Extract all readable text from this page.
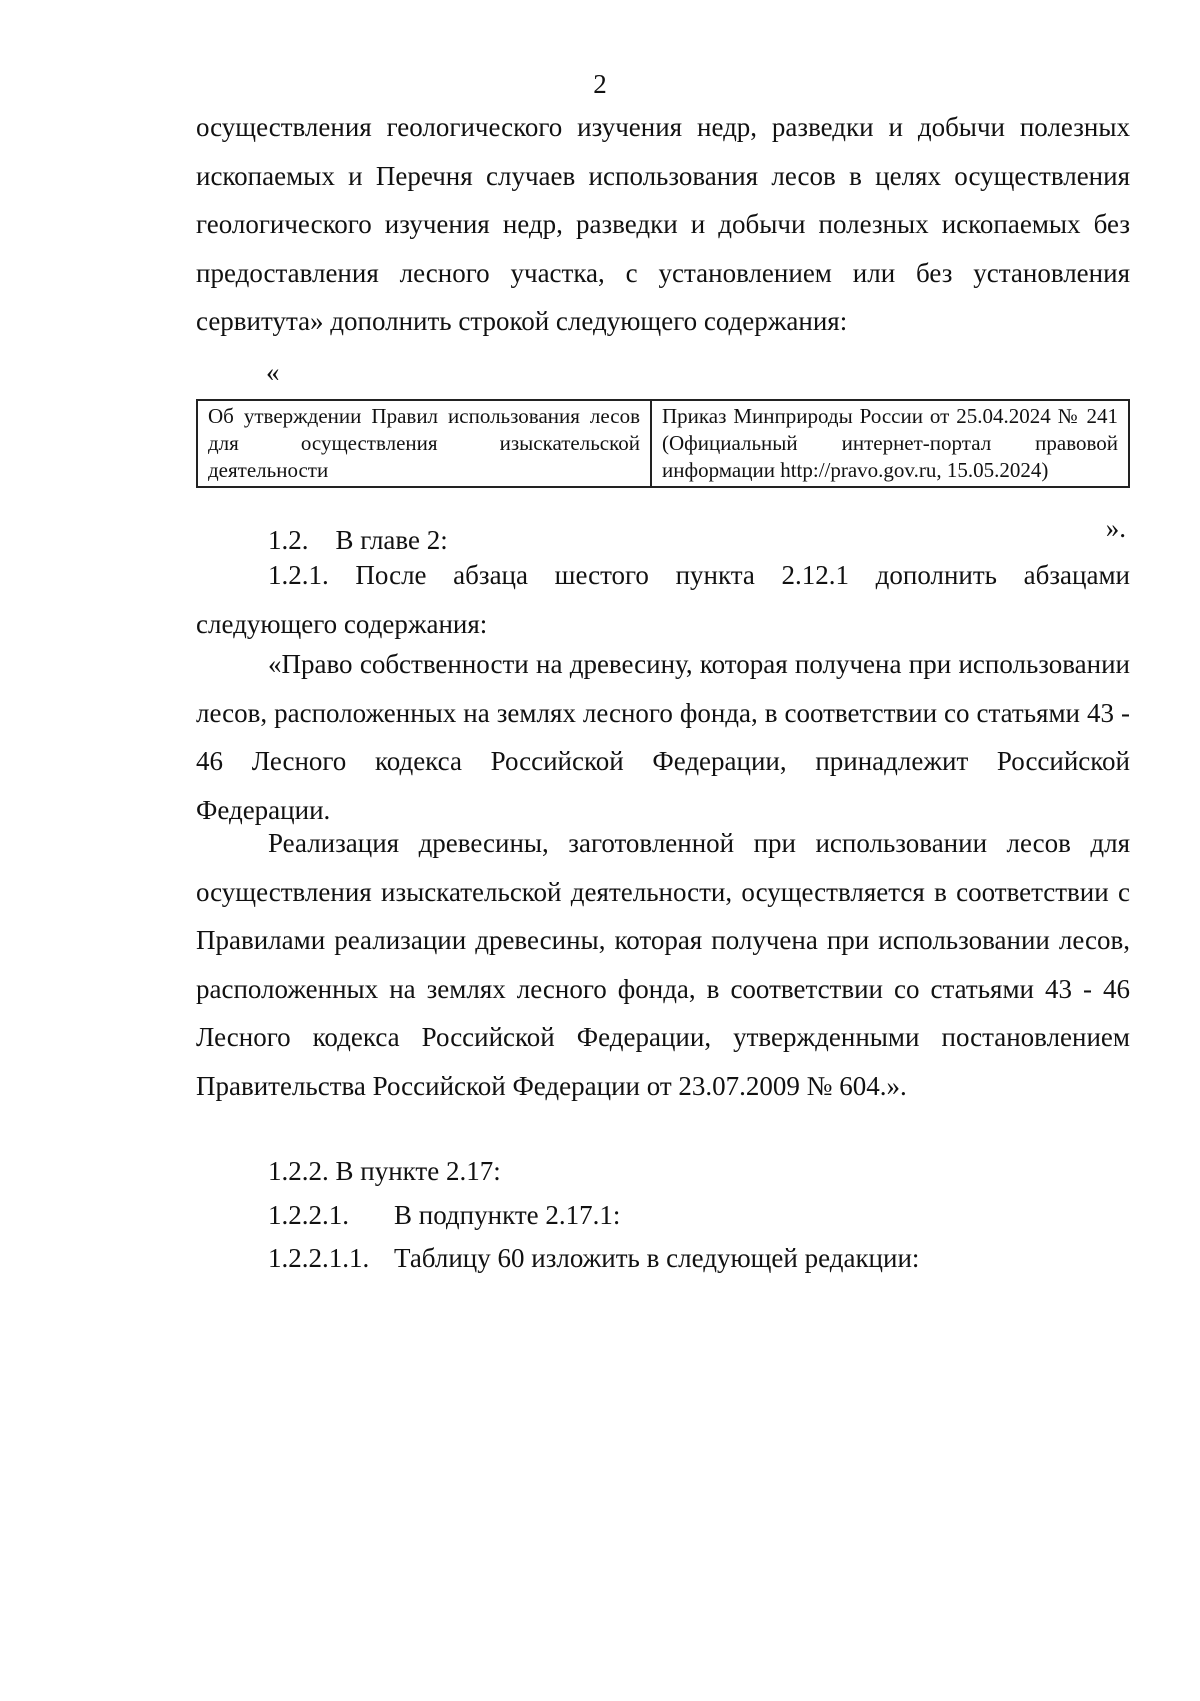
2
осуществления геологического изучения недр, разведки и добычи полезных ископаемых и Перечня случаев использования лесов в целях осуществления геологического изучения недр, разведки и добычи полезных ископаемых без предоставления лесного участка, с установлением или без установления сервитута» дополнить строкой следующего содержания:
«
Об утверждении Правил использования лесов для осуществления изыскательской деятельности	Приказ Минприроды России от 25.04.2024 № 241 (Официальный интернет-портал правовой информации http://pravo.gov.ru, 15.05.2024)
».
1.2.    В главе 2:
1.2.1. После абзаца шестого пункта 2.12.1 дополнить абзацами следующего содержания:
«Право собственности на древесину, которая получена при использовании лесов, расположенных на землях лесного фонда, в соответствии со статьями 43 - 46 Лесного кодекса Российской Федерации, принадлежит Российской Федерации.
Реализация древесины, заготовленной при использовании лесов для осуществления изыскательской деятельности, осуществляется в соответствии с Правилами реализации древесины, которая получена при использовании лесов, расположенных на землях лесного фонда, в соответствии со статьями 43 - 46 Лесного кодекса Российской Федерации, утвержденными постановлением Правительства Российской Федерации от 23.07.2009 № 604.».
1.2.2. В пункте 2.17:
1.2.2.1. В подпункте 2.17.1:
1.2.2.1.1. Таблицу 60 изложить в следующей редакции:
